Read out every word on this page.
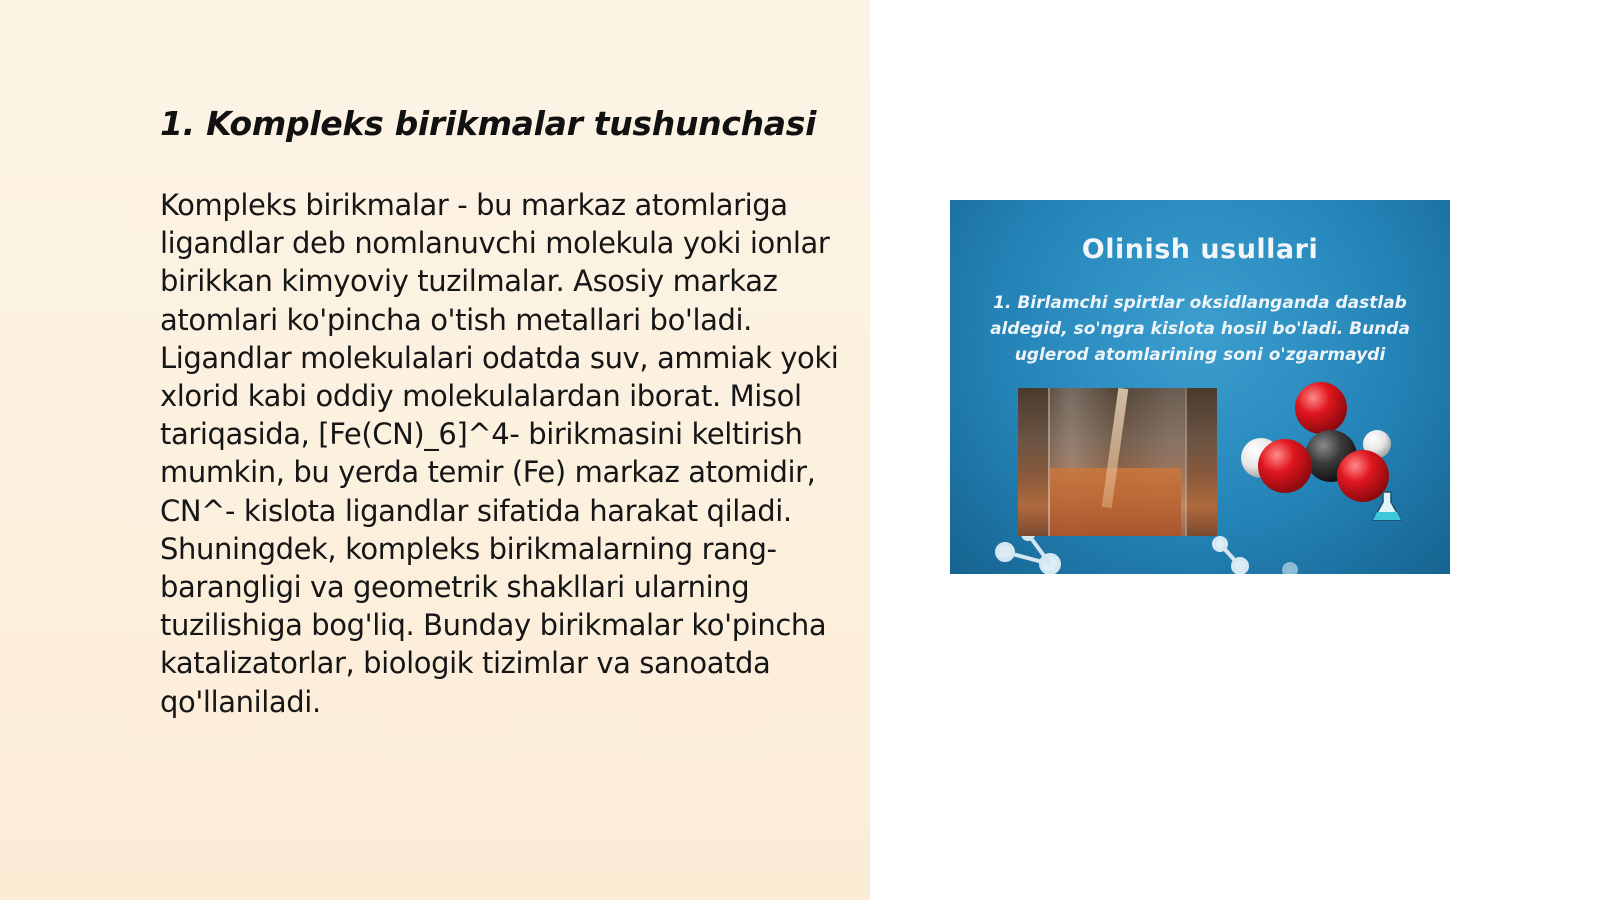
1. Kompleks birikmalar tushunchasi

Kompleks birikmalar - bu markaz atomlariga ligandlar deb nomlanuvchi molekula yoki ionlar birikkan kimyoviy tuzilmalar. Asosiy markaz atomlari ko'pincha o'tish metallari bo'ladi. Ligandlar molekulalari odatda suv, ammiak yoki xlorid kabi oddiy molekulalardan iborat. Misol tariqasida, [Fe(CN)_6]^4- birikmasini keltirish mumkin, bu yerda temir (Fe) markaz atomidir, CN^- kislota ligandlar sifatida harakat qiladi. Shuningdek, kompleks birikmalarning rang-barangligi va geometrik shakllari ularning tuzilishiga bog'liq. Bunday birikmalar ko'pincha katalizatorlar, biologik tizimlar va sanoatda qo'llaniladi.

Olinish usullari
1. Birlamchi spirtlar oksidlanganda dastlab aldegid, so'ngra kislota hosil bo'ladi. Bunda uglerod atomlarining soni o'zgarmaydi
